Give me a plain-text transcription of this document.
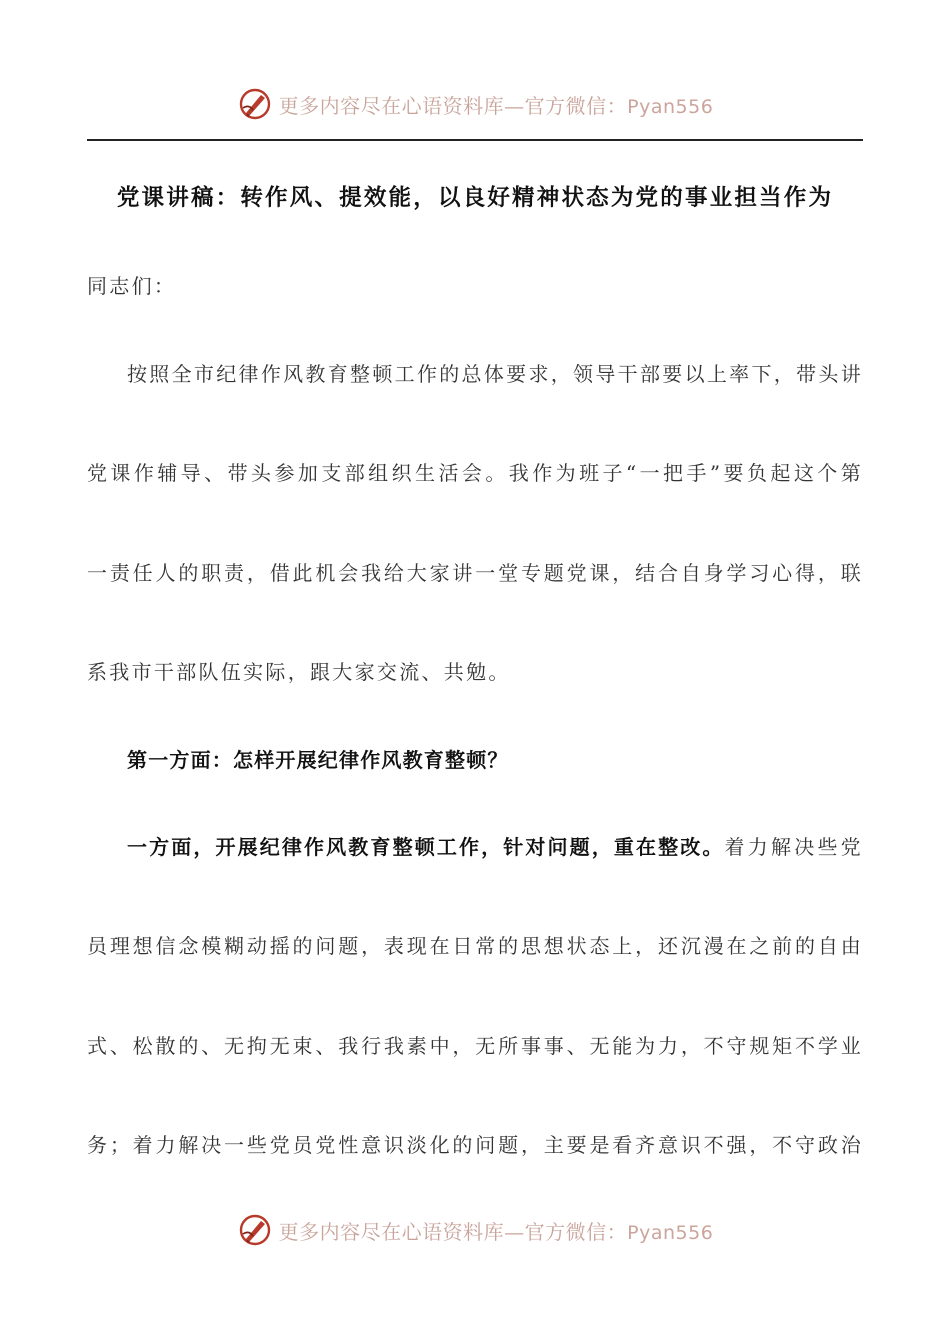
更多内容尽在心语资料库—官方微信：Pyan556
党课讲稿：转作风、提效能，以良好精神状态为党的事业担当作为
同志们：
按照全市纪律作风教育整顿工作的总体要求，领导干部要以上率下，带头讲
党课作辅导、带头参加支部组织生活会。我作为班子“一把手”要负起这个第
一责任人的职责，借此机会我给大家讲一堂专题党课，结合自身学习心得，联
系我市干部队伍实际，跟大家交流、共勉。
第一方面：怎样开展纪律作风教育整顿？
一方面，开展纪律作风教育整顿工作，针对问题，重在整改。着力解决些党
员理想信念模糊动摇的问题，表现在日常的思想状态上，还沉漫在之前的自由
式、松散的、无拘无束、我行我素中，无所事事、无能为力，不守规矩不学业
务；着力解决一些党员党性意识淡化的问题，主要是看齐意识不强，不守政治
更多内容尽在心语资料库—官方微信：Pyan556
